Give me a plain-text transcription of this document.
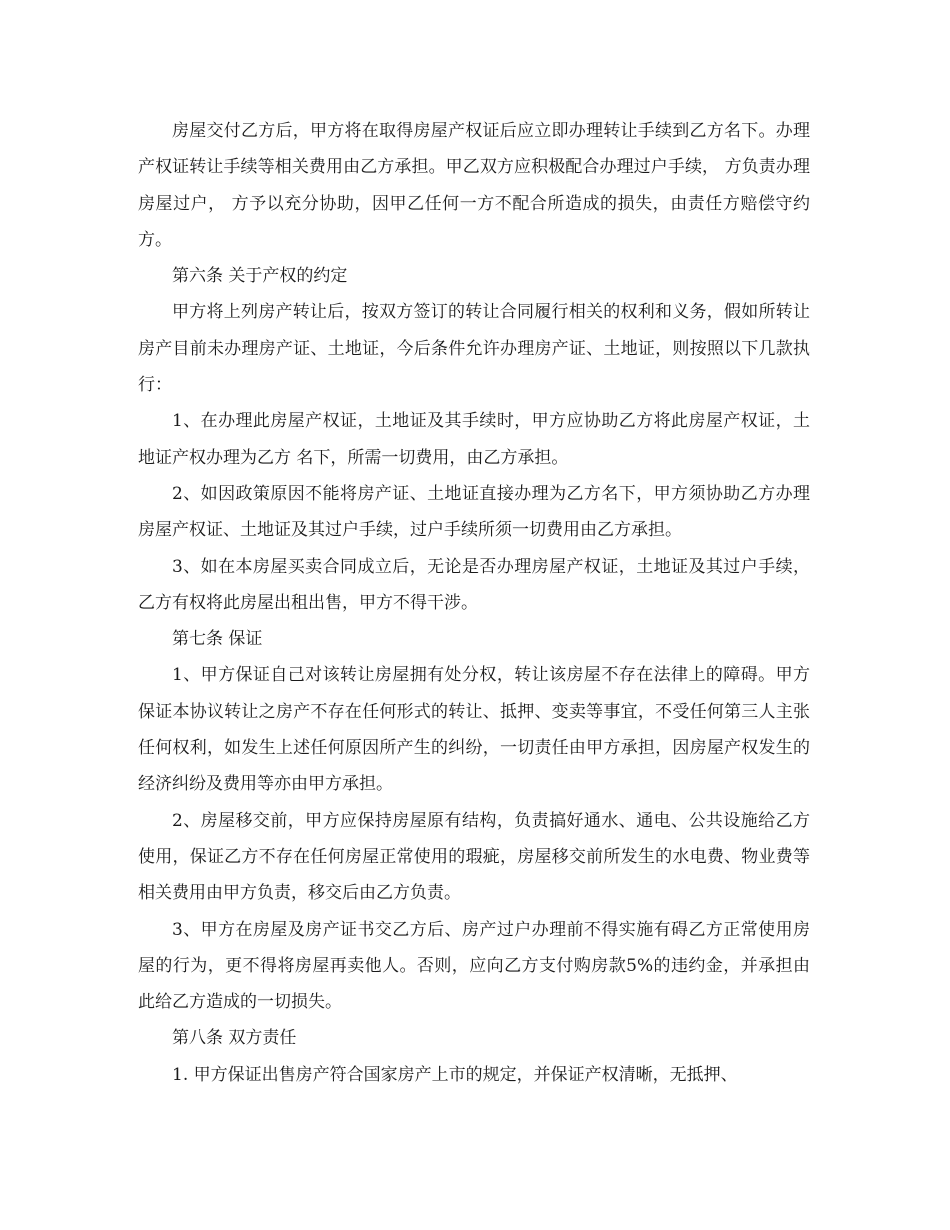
房屋交付乙方后，甲方将在取得房屋产权证后应立即办理转让手续到乙方名下。办理产权证转让手续等相关费用由乙方承担。甲乙双方应积极配合办理过户手续， 方负责办理房屋过户， 方予以充分协助，因甲乙任何一方不配合所造成的损失，由责任方赔偿守约方。

第六条 关于产权的约定

甲方将上列房产转让后，按双方签订的转让合同履行相关的权利和义务，假如所转让房产目前未办理房产证、土地证，今后条件允许办理房产证、土地证，则按照以下几款执行：

1、在办理此房屋产权证，土地证及其手续时，甲方应协助乙方将此房屋产权证，土地证产权办理为乙方 名下，所需一切费用，由乙方承担。

2、如因政策原因不能将房产证、土地证直接办理为乙方名下，甲方须协助乙方办理房屋产权证、土地证及其过户手续，过户手续所须一切费用由乙方承担。

3、如在本房屋买卖合同成立后，无论是否办理房屋产权证，土地证及其过户手续，乙方有权将此房屋出租出售，甲方不得干涉。

第七条 保证

1、甲方保证自己对该转让房屋拥有处分权，转让该房屋不存在法律上的障碍。甲方保证本协议转让之房产不存在任何形式的转让、抵押、变卖等事宜，不受任何第三人主张任何权利，如发生上述任何原因所产生的纠纷，一切责任由甲方承担，因房屋产权发生的经济纠纷及费用等亦由甲方承担。

2、房屋移交前，甲方应保持房屋原有结构，负责搞好通水、通电、公共设施给乙方使用，保证乙方不存在任何房屋正常使用的瑕疵，房屋移交前所发生的水电费、物业费等相关费用由甲方负责，移交后由乙方负责。

3、甲方在房屋及房产证书交乙方后、房产过户办理前不得实施有碍乙方正常使用房屋的行为，更不得将房屋再卖他人。否则，应向乙方支付购房款5%的违约金，并承担由此给乙方造成的一切损失。

第八条 双方责任

1. 甲方保证出售房产符合国家房产上市的规定，并保证产权清晰，无抵押、
